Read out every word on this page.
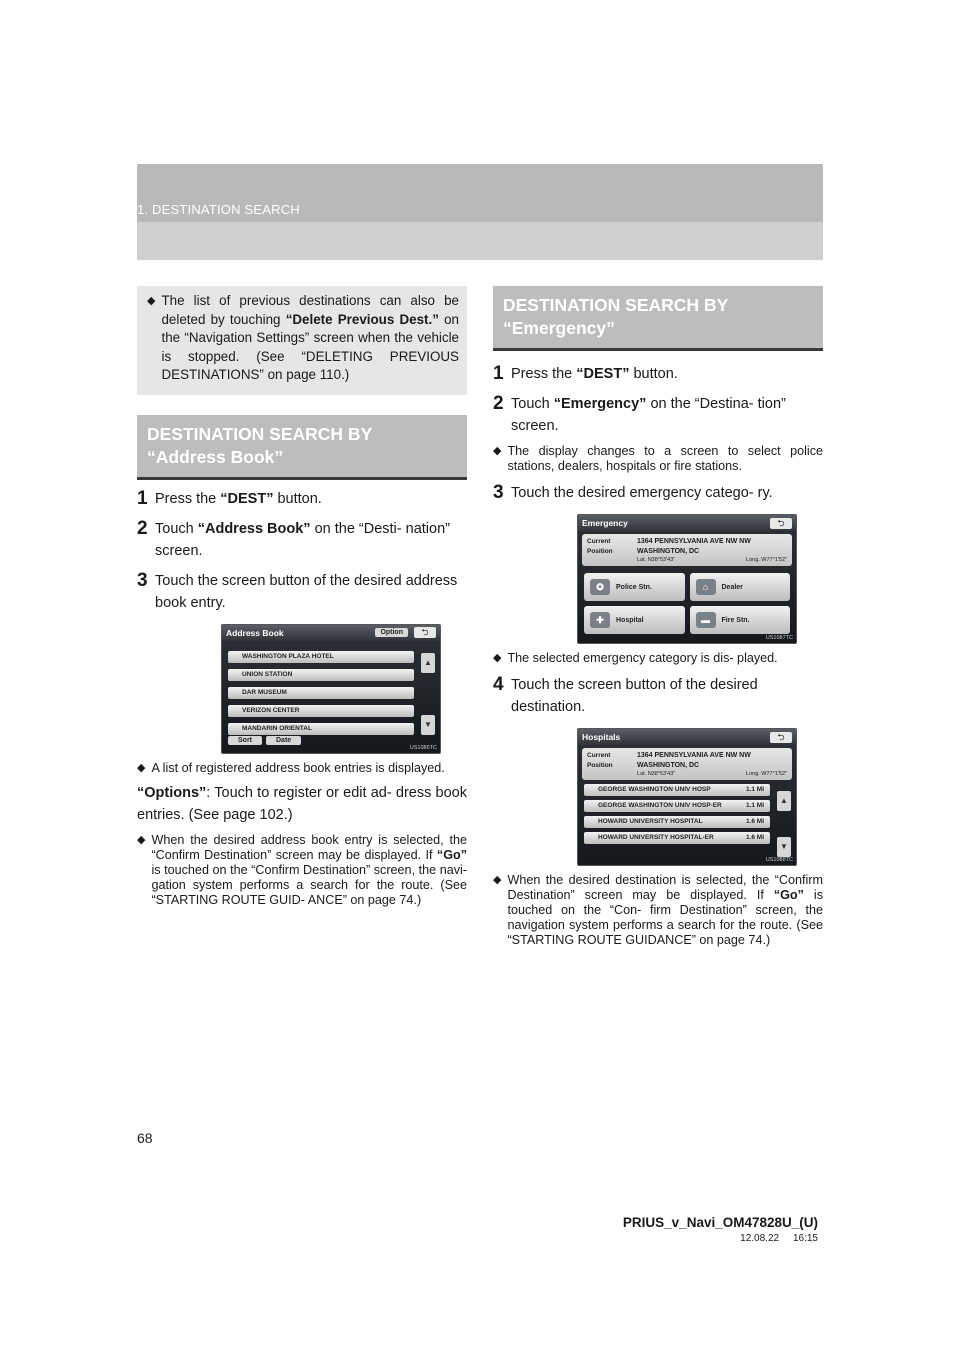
1. DESTINATION SEARCH

◆ The list of previous destinations can also be deleted by touching “Delete Previous Dest.” on the “Navigation Settings” screen when the vehicle is stopped. (See “DELETING PREVIOUS DESTINATIONS” on page 110.)

DESTINATION SEARCH BY
“Address Book”
1 Press the “DEST” button.
2 Touch “Address Book” on the “Desti- nation” screen.
3 Touch the screen button of the desired address book entry.
Address Book	Option	⮌
WASHINGTON PLAZA HOTEL
UNION STATION
DAR MUSEUM
VERIZON CENTER
MANDARIN ORIENTAL
▲
▼
Sort	Date
US1086TC
◆ A list of registered address book entries is displayed.
“Options”: Touch to register or edit ad- dress book entries. (See page 102.)
◆ When the desired address book entry is selected, the “Confirm Destination” screen may be displayed. If “Go” is touched on the “Confirm Destination” screen, the navi- gation system performs a search for the route. (See “STARTING ROUTE GUID- ANCE” on page 74.)
DESTINATION SEARCH BY
“Emergency”
1 Press the “DEST” button.
2 Touch “Emergency” on the “Destina- tion” screen.
◆ The display changes to a screen to select police stations, dealers, hospitals or fire stations.
3 Touch the desired emergency catego- ry.
Emergency	⮌
Current Position
1364 PENNSYLVANIA AVE NW NW
WASHINGTON, DC
Lat. N38°53'43"	Long. W77°1'52"
✪	Police Stn.	⌂	Dealer
✚	Hospital	▬	Fire Stn.
US1087TC
◆ The selected emergency category is dis- played.
4 Touch the screen button of the desired destination.
Hospitals	⮌
Current Position
1364 PENNSYLVANIA AVE NW NW
WASHINGTON, DC
Lat. N38°53'43"	Long. W77°1'52"
GEORGE WASHINGTON UNIV HOSP	1.1 MI
GEORGE WASHINGTON UNIV HOSP-ER	1.1 MI
HOWARD UNIVERSITY HOSPITAL	1.6 MI
HOWARD UNIVERSITY HOSPITAL-ER	1.6 MI
▲
▼
US1088TC
◆ When the desired destination is selected, the “Confirm Destination” screen may be displayed. If “Go” is touched on the “Con- firm Destination” screen, the navigation system performs a search for the route. (See “STARTING ROUTE GUIDANCE” on page 74.)
68
PRIUS_v_Navi_OM47828U_(U)
12.08.22     16:15
